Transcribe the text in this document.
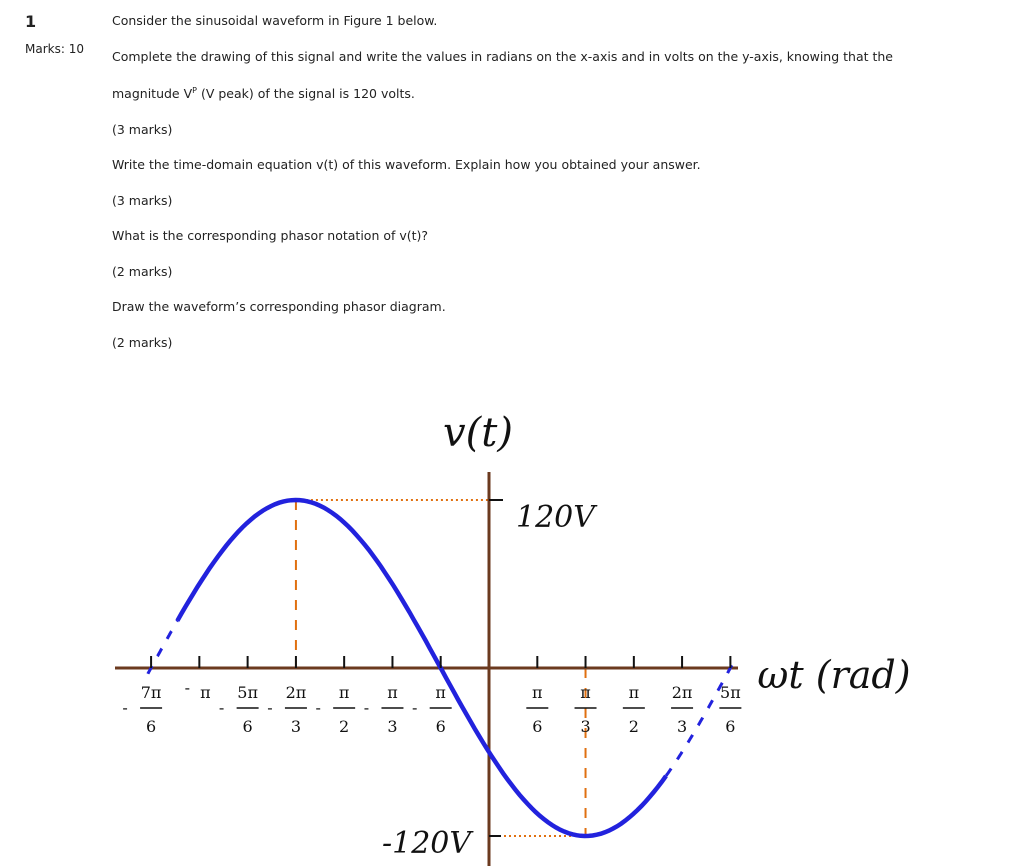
1
Marks: 10
Consider the sinusoidal waveform in Figure 1 below.
Complete the drawing of this signal and write the values in radians on the x-axis and in volts on the y-axis, knowing that the
magnitude $V^P$ (V peak) of the signal is 120 volts.
(3 marks)
Write the time-domain equation v(t) of this waveform. Explain how you obtained your answer.
(3 marks)
What is the corresponding phasor notation of v(t)?
(2 marks)
Draw the waveform’s corresponding phasor diagram.
(2 marks)
7π
6
-
π
-	5π
6
-
2π
3
-
π
2
-
π
3
-
π
6
-
π
6
π
3
π
2
2π
3
5π
6
v(t)
ωt (rad)
120V
-120V
